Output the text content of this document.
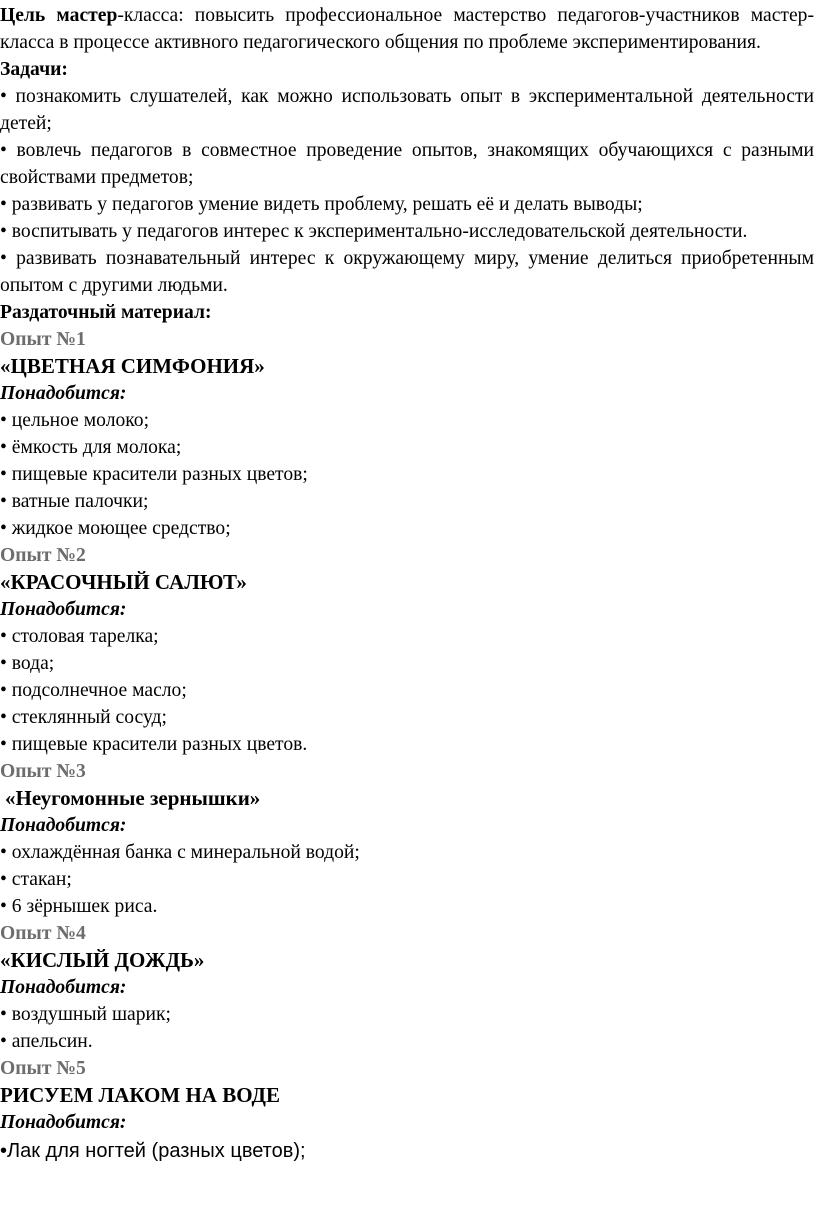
Цель мастер-класса: повысить профессиональное мастерство педагогов-участников мастер-класса в процессе активного педагогического общения по проблеме экспериментирования.

Задачи:

• познакомить слушателей, как можно использовать опыт в экспериментальной деятельности детей;

• вовлечь педагогов в совместное проведение опытов, знакомящих обучающихся с разными свойствами предметов;

• развивать у педагогов умение видеть проблему, решать её и делать выводы;

• воспитывать у педагогов интерес к экспериментально-исследовательской деятельности.

• развивать познавательный интерес к окружающему миру, умение делиться приобретенным опытом с другими людьми.

Раздаточный материал:

Опыт №1

«ЦВЕТНАЯ СИМФОНИЯ»

Понадобится:

• цельное молоко;

• ёмкость для молока;

• пищевые красители разных цветов;

• ватные палочки;

• жидкое моющее средство;

Опыт №2

«КРАСОЧНЫЙ САЛЮТ»

Понадобится:

• столовая тарелка;

• вода;

• подсолнечное масло;

• стеклянный сосуд;

• пищевые красители разных цветов.

Опыт №3

«Неугомонные зернышки»

Понадобится:

• охлаждённая банка с минеральной водой;

• стакан;

• 6 зёрнышек риса.

Опыт №4

«КИСЛЫЙ ДОЖДЬ»

Понадобится:

• воздушный шарик;

• апельсин.

Опыт №5

РИСУЕМ ЛАКОМ НА ВОДЕ

Понадобится:

•Лак для ногтей (разных цветов);
